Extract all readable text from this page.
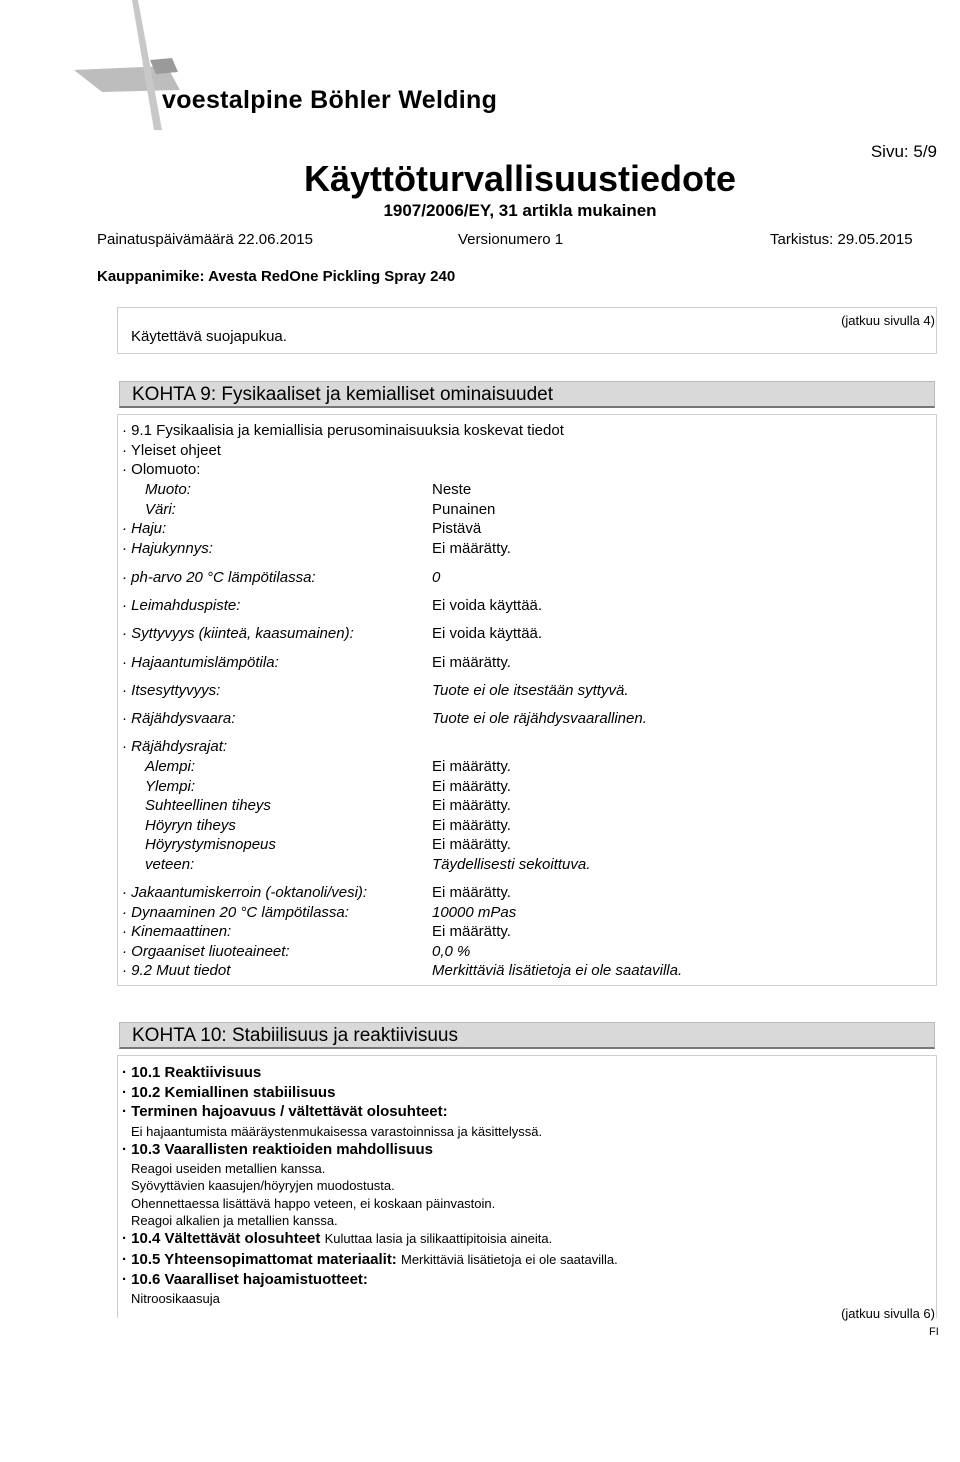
voestalpine Böhler Welding
Sivu: 5/9
Käyttöturvallisuustiedote
1907/2006/EY, 31 artikla mukainen
Painatuspäivämäärä 22.06.2015	Versionumero 1	Tarkistus: 29.05.2015
Kauppanimike: Avesta RedOne Pickling Spray 240
(jatkuu sivulla 4)
Käytettävä suojapukua.
KOHTA 9: Fysikaaliset ja kemialliset ominaisuudet
· 9.1 Fysikaalisia ja kemiallisia perusominaisuuksia koskevat tiedot
· Yleiset ohjeet
· Olomuoto:
Muoto:	Neste
Väri:	Punainen
· Haju:	Pistävä
· Hajukynnys:	Ei määrätty.
· ph-arvo 20 °C lämpötilassa:	0
· Leimahduspiste:	Ei voida käyttää.
· Syttyvyys (kiinteä, kaasumainen):	Ei voida käyttää.
· Hajaantumislämpötila:	Ei määrätty.
· Itsesyttyvyys:	Tuote ei ole itsestään syttyvä.
· Räjähdysvaara:	Tuote ei ole räjähdysvaarallinen.
· Räjähdysrajat:
Alempi:	Ei määrätty.
Ylempi:	Ei määrätty.
Suhteellinen tiheys	Ei määrätty.
Höyryn tiheys	Ei määrätty.
Höyrystymisnopeus	Ei määrätty.
veteen:	Täydellisesti sekoittuva.
· Jakaantumiskerroin (-oktanoli/vesi):	Ei määrätty.
· Dynaaminen 20 °C lämpötilassa:	10000 mPas
· Kinemaattinen:	Ei määrätty.
· Orgaaniset liuoteaineet:	0,0 %
· 9.2 Muut tiedot	Merkittäviä lisätietoja ei ole saatavilla.
KOHTA 10: Stabiilisuus ja reaktiivisuus
· 10.1 Reaktiivisuus
· 10.2 Kemiallinen stabiilisuus
· Terminen hajoavuus / vältettävät olosuhteet:
Ei hajaantumista määräystenmukaisessa varastoinnissa ja käsittelyssä.
· 10.3 Vaarallisten reaktioiden mahdollisuus
Reagoi useiden metallien kanssa.
Syövyttävien kaasujen/höyryjen muodostusta.
Ohennettaessa lisättävä happo veteen, ei koskaan päinvastoin.
Reagoi alkalien ja metallien kanssa.
· 10.4 Vältettävät olosuhteet Kuluttaa lasia ja silikaattipitoisia aineita.
· 10.5 Yhteensopimattomat materiaalit: Merkittäviä lisätietoja ei ole saatavilla.
· 10.6 Vaaralliset hajoamistuotteet:
Nitroosikaasuja
(jatkuu sivulla 6)
FI
